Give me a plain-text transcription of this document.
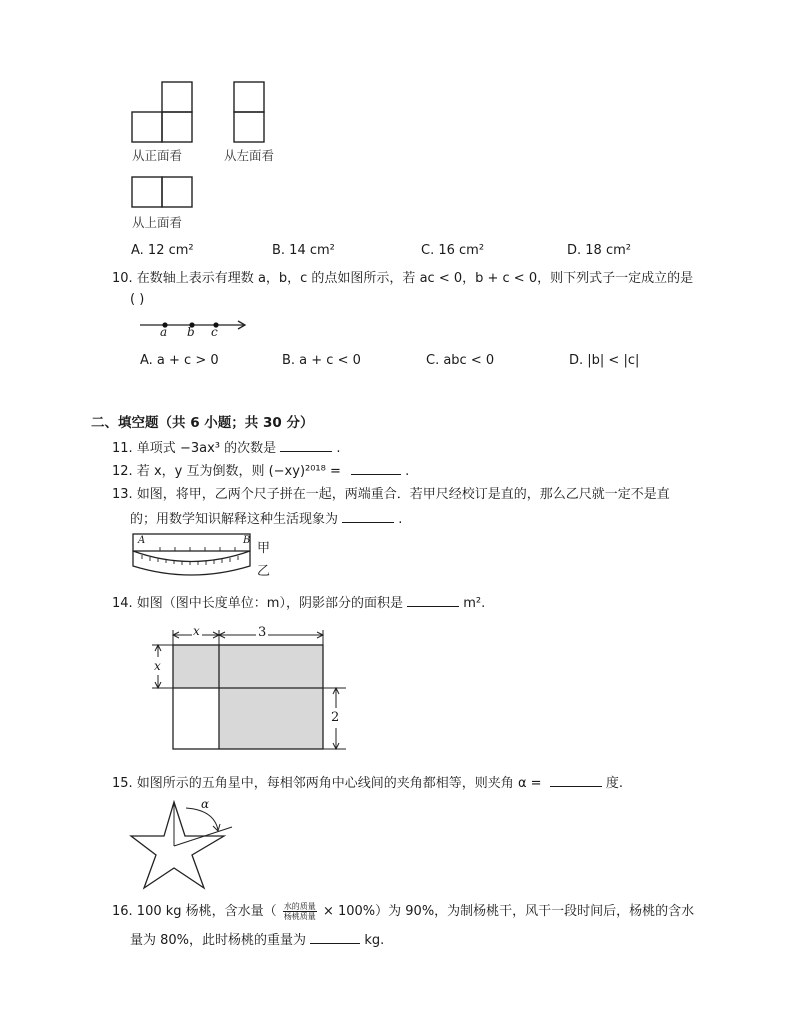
从正面看	从左面看
从上面看
A. 12 cm²	B. 14 cm²	C. 16 cm²	D. 18 cm²
10. 在数轴上表示有理数 a，b，c 的点如图所示，若 ac < 0，b + c < 0，则下列式子一定成立的是
( )
a b c
A. a + c > 0	B. a + c < 0	C. abc < 0	D. |b| < |c|
二、填空题（共 6 小题；共 30 分）
11. 单项式 −3ax³ 的次数是	.
12. 若 x，y 互为倒数，则 (−xy)²⁰¹⁸ =	.
13. 如图，将甲，乙两个尺子拼在一起，两端重合．若甲尺经校订是直的，那么乙尺就一定不是直
的；用数学知识解释这种生活现象为	.
A	B
甲
乙
14. 如图（图中长度单位：m），阴影部分的面积是	m².
x	3
x
2
15. 如图所示的五角星中，每相邻两角中心线间的夹角都相等，则夹角 α =	度.
α
16. 100 kg 杨桃，含水量（ $\frac{\text{水的质量}}{\text{杨桃质量}} \times 100\%$）为 90%，为制杨桃干，风干一段时间后，杨桃的含水
量为 80%，此时杨桃的重量为	kg.
